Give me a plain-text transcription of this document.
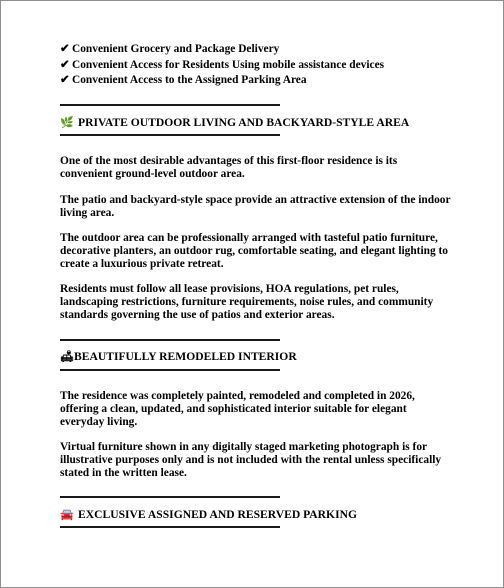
✔ Convenient Grocery and Package Delivery
✔ Convenient Access for Residents Using mobile assistance devices
✔ Convenient Access to the Assigned Parking Area
🌿 PRIVATE OUTDOOR LIVING AND BACKYARD-STYLE AREA

One of the most desirable advantages of this first-floor residence is its convenient ground-level outdoor area.

The patio and backyard-style space provide an attractive extension of the indoor living area.

The outdoor area can be professionally arranged with tasteful patio furniture, decorative planters, an outdoor rug, comfortable seating, and elegant lighting to create a luxurious private retreat.

Residents must follow all lease provisions, HOA regulations, pet rules, landscaping restrictions, furniture requirements, noise rules, and community standards governing the use of patios and exterior areas.

🛋BEAUTIFULLY REMODELED INTERIOR

The residence was completely painted, remodeled and completed in 2026, offering a clean, updated, and sophisticated interior suitable for elegant everyday living.

Virtual furniture shown in any digitally staged marketing photograph is for illustrative purposes only and is not included with the rental unless specifically stated in the written lease.

🚘 EXCLUSIVE ASSIGNED AND RESERVED PARKING
